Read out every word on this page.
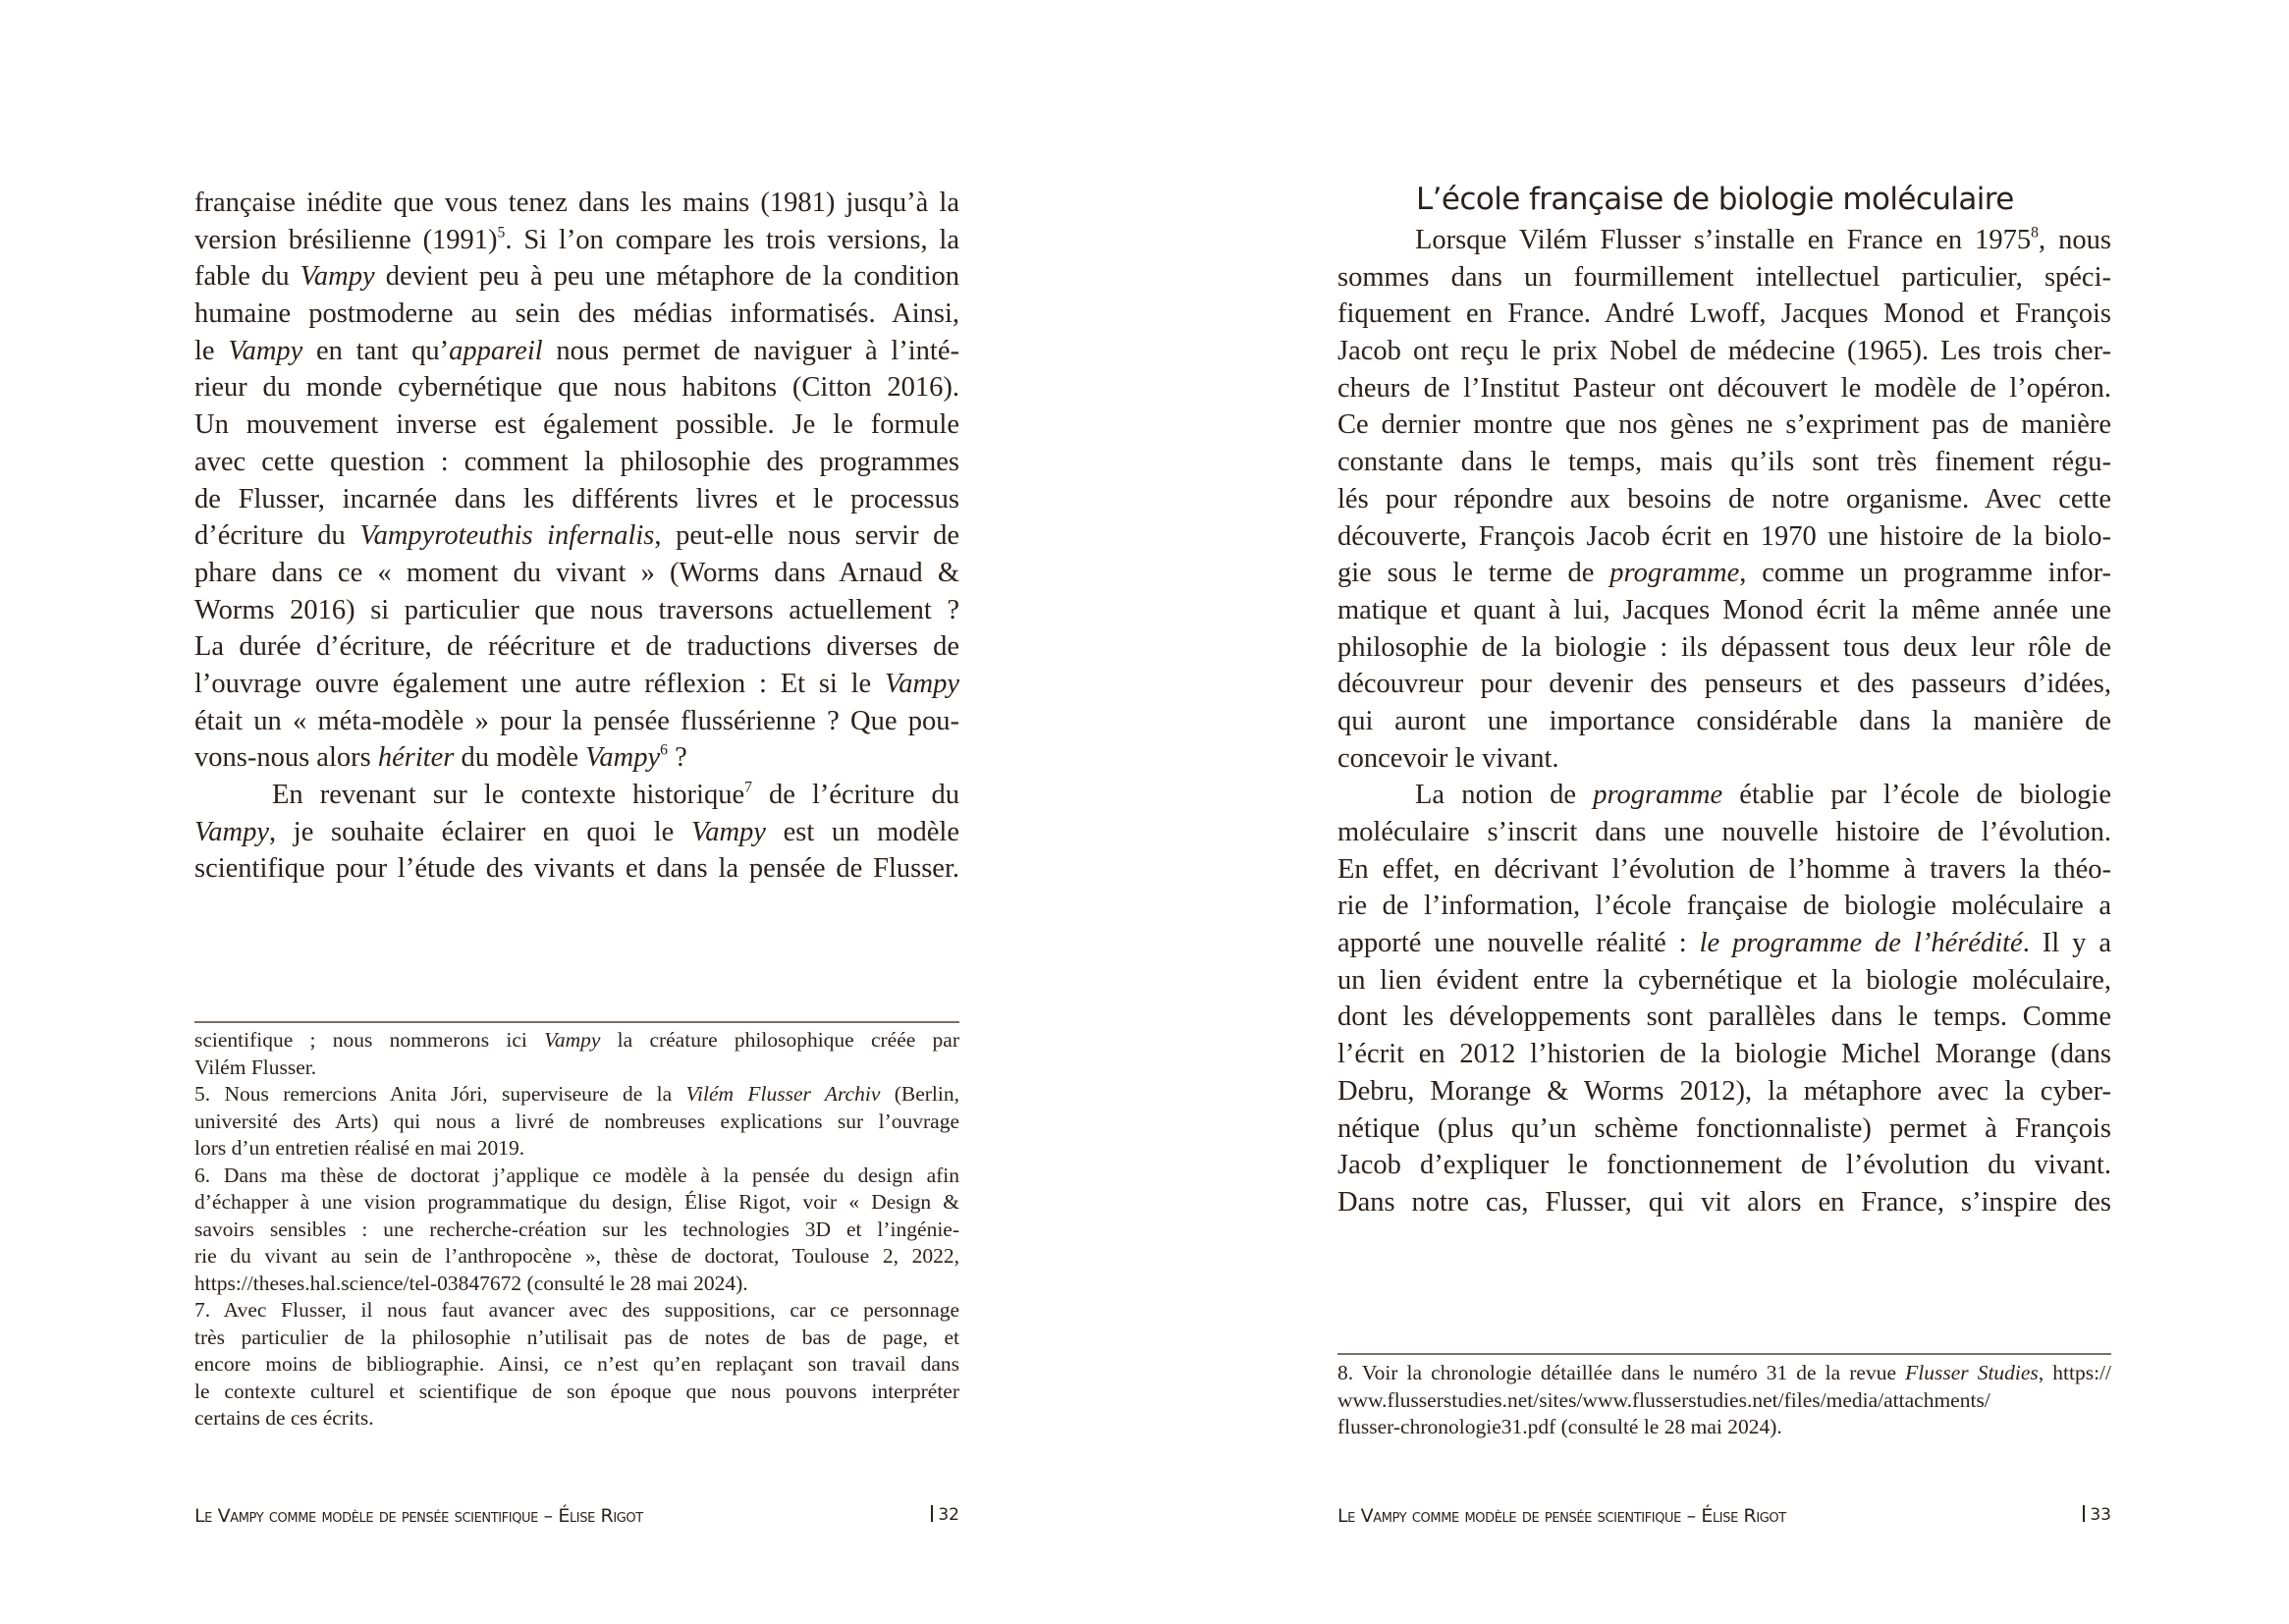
française inédite que vous tenez dans les mains (1981) jusqu’à la
version brésilienne (1991)$^5$. Si l’on compare les trois versions, la
fable du Vampy devient peu à peu une métaphore de la condition
humaine postmoderne au sein des médias informatisés. Ainsi,
le Vampy en tant qu’appareil nous permet de naviguer à l’inté-
rieur du monde cybernétique que nous habitons (Citton 2016).
Un mouvement inverse est également possible. Je le formule
avec cette question : comment la philosophie des programmes
de Flusser, incarnée dans les différents livres et le processus
d’écriture du Vampyroteuthis infernalis, peut-elle nous servir de
phare dans ce « moment du vivant » (Worms dans Arnaud &
Worms 2016) si particulier que nous traversons actuellement ?
La durée d’écriture, de réécriture et de traductions diverses de
l’ouvrage ouvre également une autre réflexion : Et si le Vampy
était un « méta-modèle » pour la pensée flussérienne ? Que pou-
vons-nous alors hériter du modèle Vampy$^6$ ?
En revenant sur le contexte historique$^7$ de l’écriture du
Vampy, je souhaite éclairer en quoi le Vampy est un modèle
scientifique pour l’étude des vivants et dans la pensée de Flusser.
scientifique ; nous nommerons ici Vampy la créature philosophique créée par
Vilém Flusser.
5. Nous remercions Anita Jóri, superviseure de la Vilém Flusser Archiv (Berlin,
université des Arts) qui nous a livré de nombreuses explications sur l’ouvrage
lors d’un entretien réalisé en mai 2019.
6. Dans ma thèse de doctorat j’applique ce modèle à la pensée du design afin
d’échapper à une vision programmatique du design, Élise Rigot, voir « Design &
savoirs sensibles : une recherche-création sur les technologies 3D et l’ingénie-
rie du vivant au sein de l’anthropocène », thèse de doctorat, Toulouse 2, 2022,
https://theses.hal.science/tel-03847672 (consulté le 28 mai 2024).
7. Avec Flusser, il nous faut avancer avec des suppositions, car ce personnage
très particulier de la philosophie n’utilisait pas de notes de bas de page, et
encore moins de bibliographie. Ainsi, ce n’est qu’en replaçant son travail dans
le contexte culturel et scientifique de son époque que nous pouvons interpréter
certains de ces écrits.
Le Vampy comme modèle de pensée scientifique – Élise Rigot	32
L’école française de biologie moléculaire
Lorsque Vilém Flusser s’installe en France en 1975$^8$, nous
sommes dans un fourmillement intellectuel particulier, spéci-
fiquement en France. André Lwoff, Jacques Monod et François
Jacob ont reçu le prix Nobel de médecine (1965). Les trois cher-
cheurs de l’Institut Pasteur ont découvert le modèle de l’opéron.
Ce dernier montre que nos gènes ne s’expriment pas de manière
constante dans le temps, mais qu’ils sont très finement régu-
lés pour répondre aux besoins de notre organisme. Avec cette
découverte, François Jacob écrit en 1970 une histoire de la biolo-
gie sous le terme de programme, comme un programme infor-
matique et quant à lui, Jacques Monod écrit la même année une
philosophie de la biologie : ils dépassent tous deux leur rôle de
découvreur pour devenir des penseurs et des passeurs d’idées,
qui auront une importance considérable dans la manière de
concevoir le vivant.
La notion de programme établie par l’école de biologie
moléculaire s’inscrit dans une nouvelle histoire de l’évolution.
En effet, en décrivant l’évolution de l’homme à travers la théo-
rie de l’information, l’école française de biologie moléculaire a
apporté une nouvelle réalité : le programme de l’hérédité. Il y a
un lien évident entre la cybernétique et la biologie moléculaire,
dont les développements sont parallèles dans le temps. Comme
l’écrit en 2012 l’historien de la biologie Michel Morange (dans
Debru, Morange & Worms 2012), la métaphore avec la cyber-
nétique (plus qu’un schème fonctionnaliste) permet à François
Jacob d’expliquer le fonctionnement de l’évolution du vivant.
Dans notre cas, Flusser, qui vit alors en France, s’inspire des
8. Voir la chronologie détaillée dans le numéro 31 de la revue Flusser Studies, https://
www.flusserstudies.net/sites/www.flusserstudies.net/files/media/attachments/
flusser-chronologie31.pdf (consulté le 28 mai 2024).
Le Vampy comme modèle de pensée scientifique – Élise Rigot	33
